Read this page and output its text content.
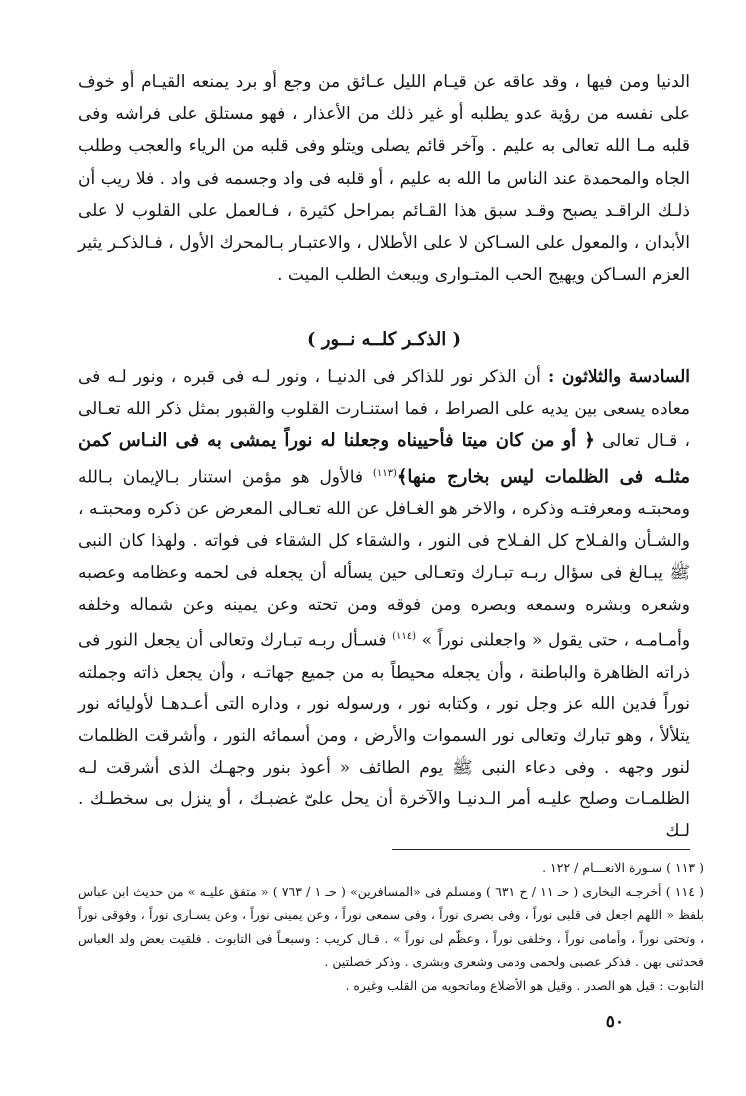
الدنيا ومن فيها ، وقد عاقه عن قيـام الليل عـائق من وجع أو برد يمنعه القيـام أو خوف على نفسه من رؤية عدو يطلبه أو غير ذلك من الأعذار ، فهو مستلق على فراشه وفى قلبه مـا الله تعالى به عليم . وآخر قائم يصلى ويتلو وفى قلبه من الرياء والعجب وطلب الجاه والمحمدة عند الناس ما الله به عليم ، أو قلبه فى واد وجسمه فى واد . فلا ريب أن ذلـك الراقـد يصبح وقـد سبق هذا القـائم بمراحل كثيرة ، فـالعمل على القلوب لا على الأبدان ، والمعول على السـاكن لا على الأطلال ، والاعتبـار بـالمحرك الأول ، فـالذكـر يثير العزم السـاكن ويهيج الحب المتـوارى ويبعث الطلب الميت .

( الذكـر كلــه نــور )
السادسة والثلاثون : أن الذكر نور للذاكر فى الدنيـا ، ونور لـه فى قبره ، ونور لـه فى معاده يسعى بين يديه على الصراط ، فما استنـارت القلوب والقبور بمثل ذكر الله تعـالى ، قـال تعالى ﴿ أو من كان ميتا فأحييناه وجعلنا له نوراً يمشى به فى النـاس كمن مثلـه فى الظلمات ليس بخارج منها﴾$^{(١١٣)}$ فالأول هو مؤمن استنار بـالإيمان بـالله ومحبتـه ومعرفتـه وذكره ، والاخر هو الغـافل عن الله تعـالى المعرض عن ذكره ومحبتـه ، والشـأن والفـلاح كل الفـلاح فى النور ، والشقاء كل الشقاء فى فواته . ولهذا كان النبى ﷺ يبـالغ فى سؤال ربـه تبـارك وتعـالى حين يسأله أن يجعله فى لحمه وعظامه وعصبه وشعره وبشره وسمعه وبصره ومن فوقه ومن تحته وعن يمينه وعن شماله وخلفه وأمـامـه ، حتى يقول « واجعلنى نوراً » $^{(١١٤)}$ فسـأل ربـه تبـارك وتعالى أن يجعل النور فى ذراته الظاهرة والباطنة ، وأن يجعله محيطاً به من جميع جهاتـه ، وأن يجعل ذاته وجملته نوراً فدين الله عز وجل نور ، وكتابه نور ، ورسوله نور ، وداره التى أعـدهـا لأوليائه نور يتلألأ ، وهو تبارك وتعالى نور السموات والأرض ، ومن أسمائه النور ، وأشرقت الظلمات لنور وجهه . وفى دعاء النبى ﷺ يوم الطائف « أعوذ بنور وجهـك الذى أشرقت لـه الظلمـات وصلح عليـه أمر الـدنيـا والآخرة أن يحل علىّ غضبـك ، أو ينزل بى سخطـك . لـك

( ١١٣ ) سـورة الانعـــام / ١٢٢ .

( ١١٤ ) أخرجـه البخارى ( حـ ١١ / ح ٦٣١ ) ومسلم فى «المسافرين» ( حـ ١ / ٧٦٣ ) « متفق عليـه » من حديث ابن عباس بلفظ « اللهم اجعل فى قلبى نوراً ، وفى بصرى نوراً ، وفى سمعى نوراً ، وعن يمينى نوراً ، وعن يسـارى نوراً ، وفوقى نوراً ، وتحتى نوراً ، وأمامى نوراً ، وخلفى نوراً ، وعظّم لى نوراً » . قـال كريب : وسبعـاً فى التابوت . فلقيت بعض ولد العباس فحدثنى بهن . فذكر عصبى ولحمى ودمى وشعرى وبشرى . وذكر خصلتين .

التابوت : قيل هو الصدر . وقيل هو الأضلاع وماتحويه من القلب وغيره .

٥٠
